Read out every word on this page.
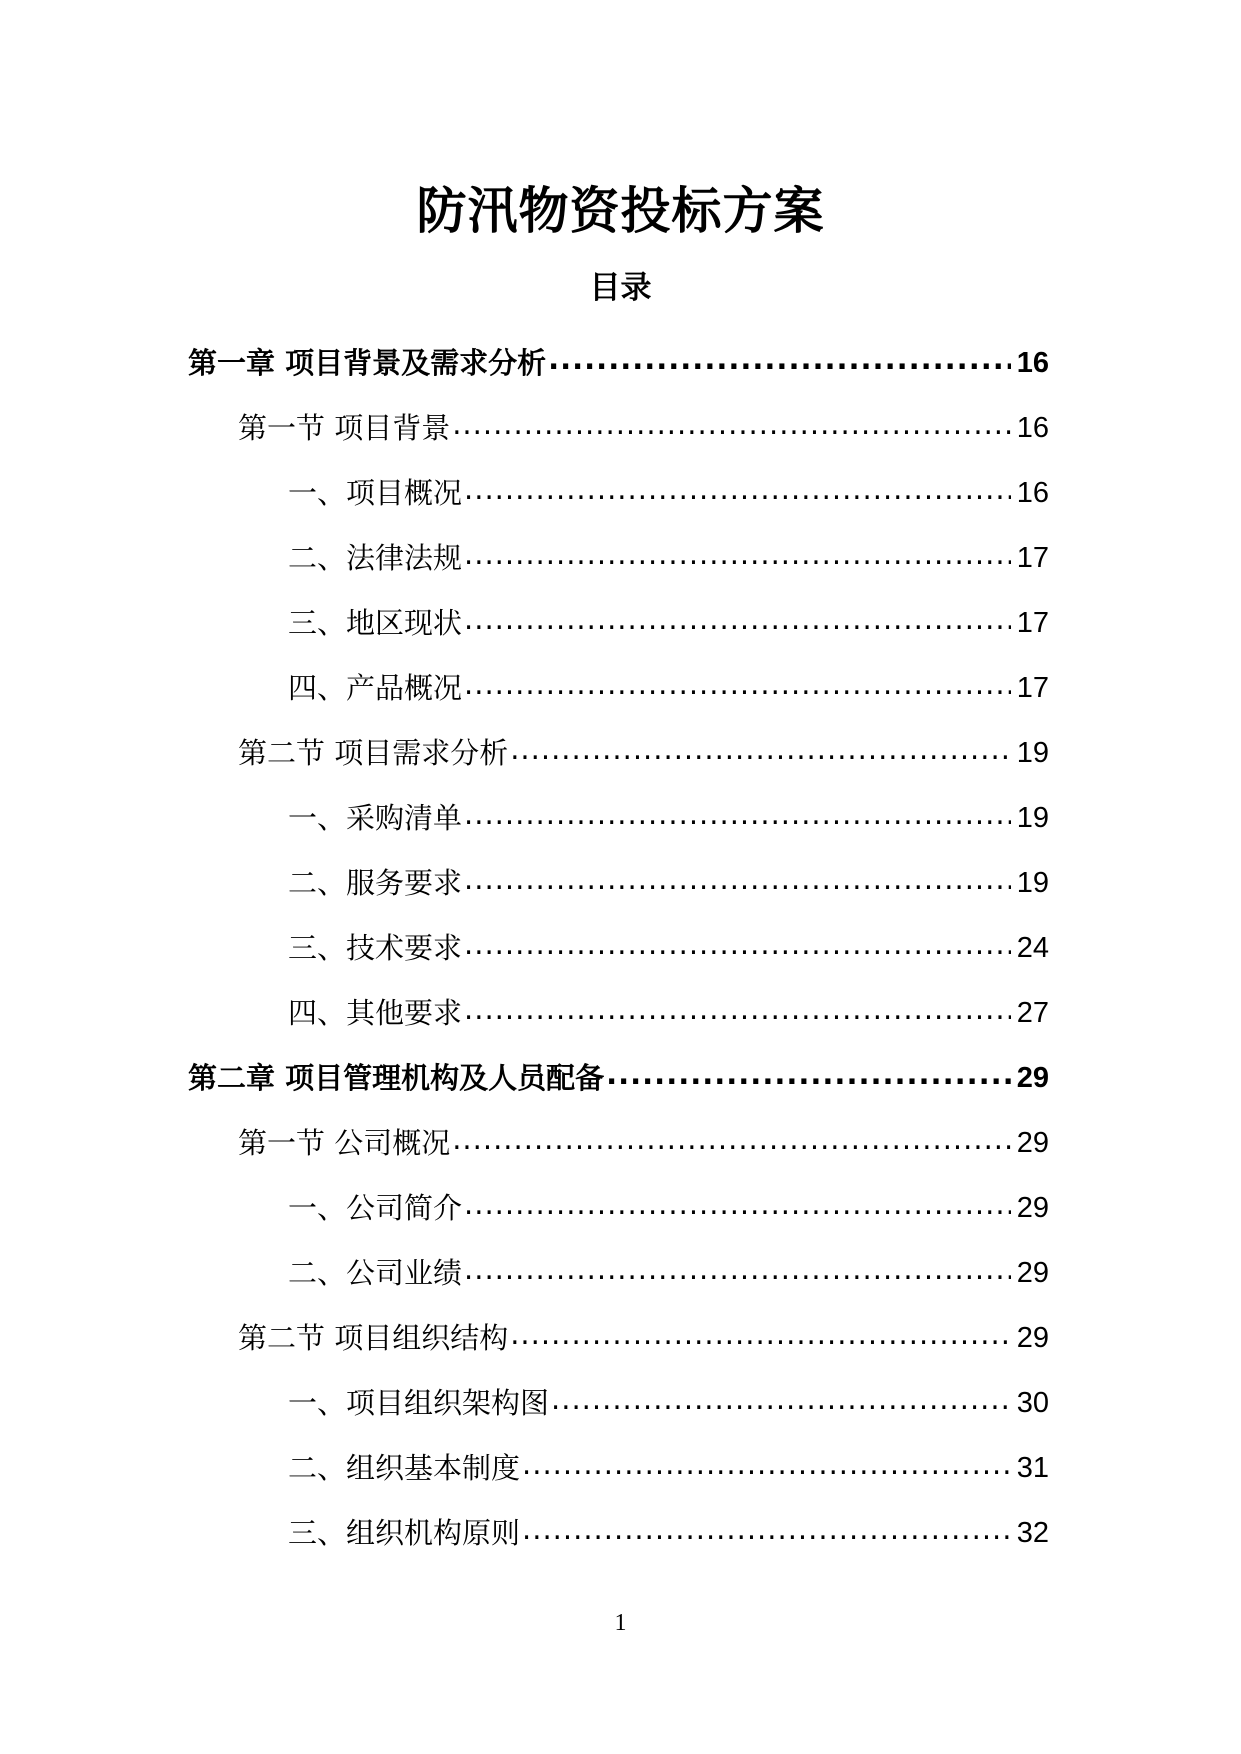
防汛物资投标方案
目录
第一章 项目背景及需求分析 .....	16
第一节 项目背景 .....	16
一、项目概况 .....	16
二、法律法规 .....	17
三、地区现状 .....	17
四、产品概况 .....	17
第二节 项目需求分析 .....	19
一、采购清单 .....	19
二、服务要求 .....	19
三、技术要求 .....	24
四、其他要求 .....	27
第二章 项目管理机构及人员配备 .....	29
第一节 公司概况 .....	29
一、公司简介 .....	29
二、公司业绩 .....	29
第二节 项目组织结构 .....	29
一、项目组织架构图 .....	30
二、组织基本制度 .....	31
三、组织机构原则 .....	32
1
